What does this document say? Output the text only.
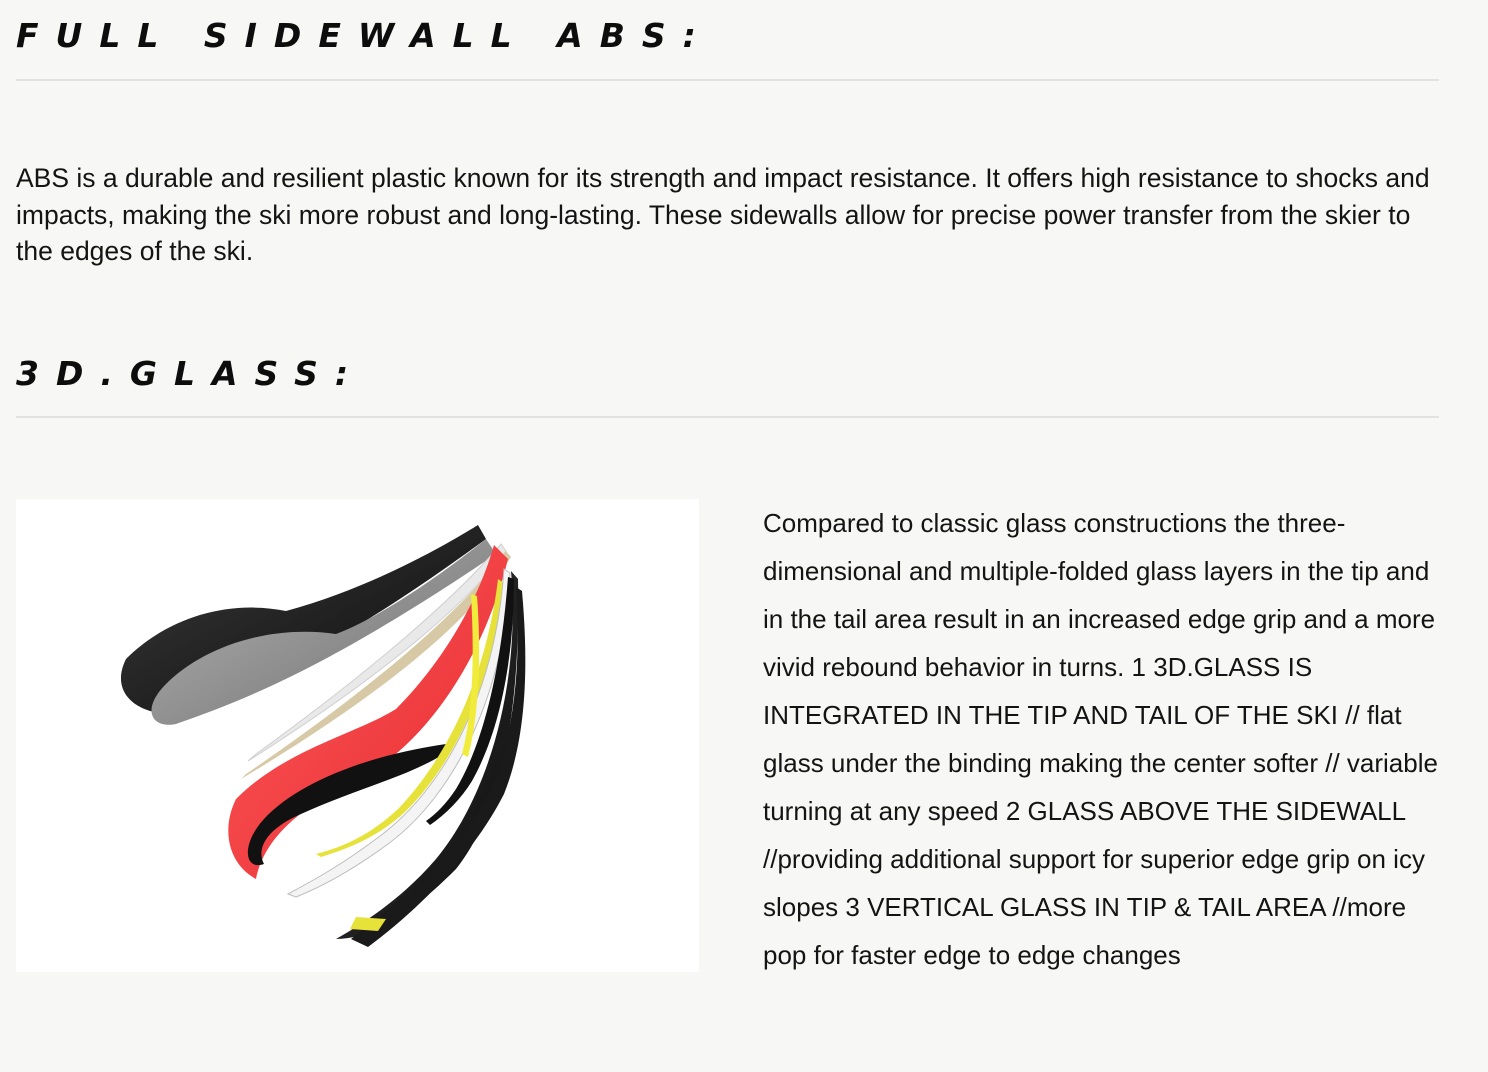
FULL SIDEWALL ABS:

ABS is a durable and resilient plastic known for its strength and impact resistance. It offers high resistance to shocks and impacts, making the ski more robust and long-lasting. These sidewalls allow for precise power transfer from the skier to the edges of the ski.

3D.GLASS:

Compared to classic glass constructions the three-dimensional and multiple-folded glass layers in the tip and in the tail area result in an increased edge grip and a more vivid rebound behavior in turns. 1 3D.GLASS IS INTEGRATED IN THE TIP AND TAIL OF THE SKI // flat glass under the binding making the center softer // variable turning at any speed 2 GLASS ABOVE THE SIDEWALL //providing additional support for superior edge grip on icy slopes 3 VERTICAL GLASS IN TIP & TAIL AREA //more pop for faster edge to edge changes
